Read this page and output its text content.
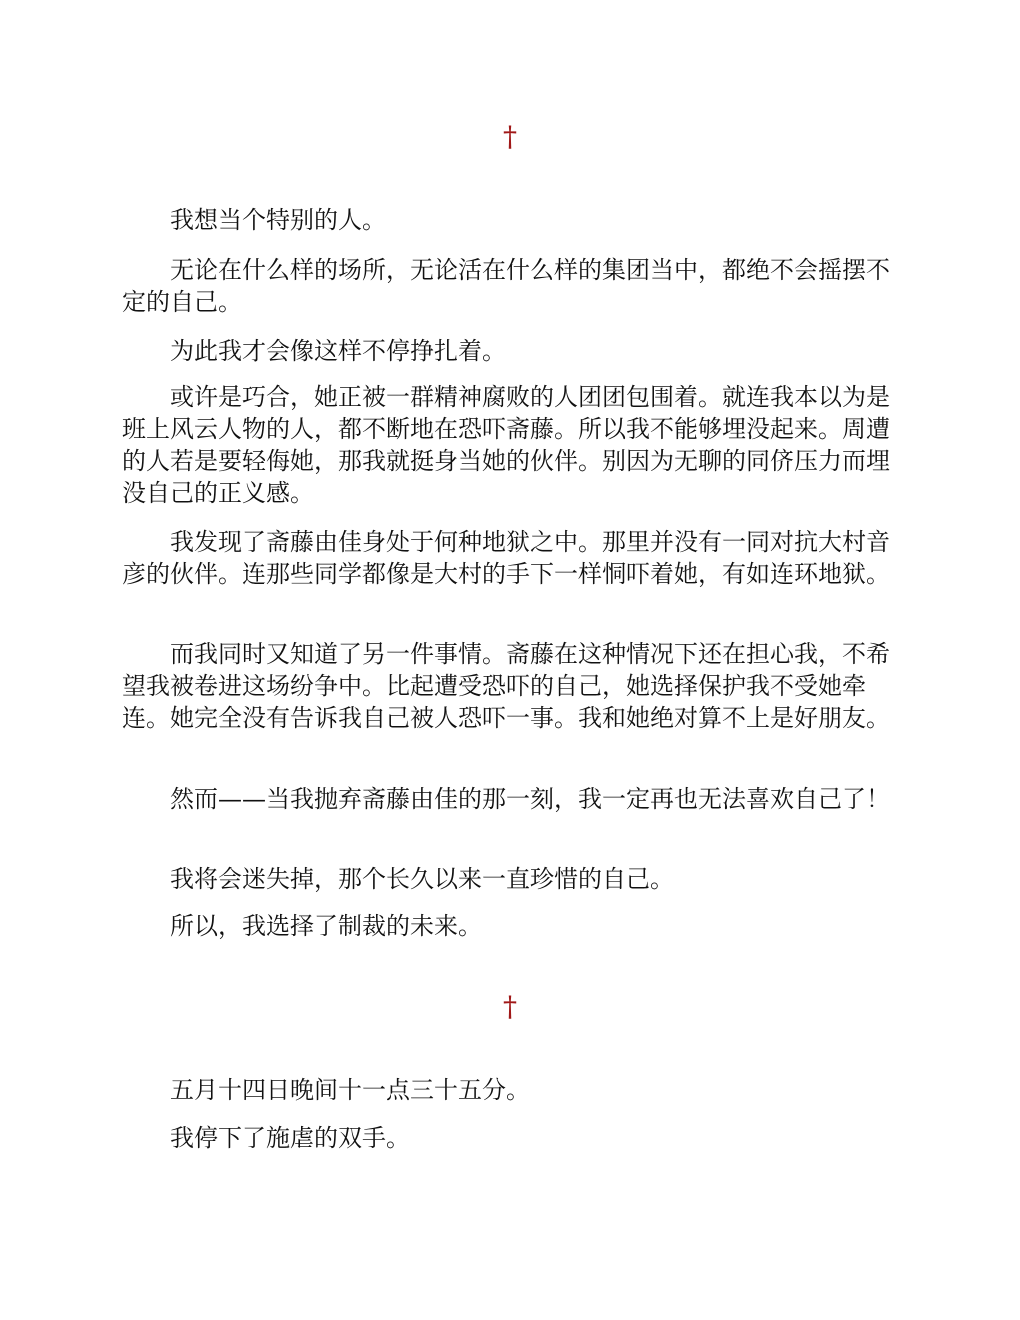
†

我想当个特别的人。

无论在什么样的场所，无论活在什么样的集团当中，都绝不会摇摆不定的自己。

为此我才会像这样不停挣扎着。

或许是巧合，她正被一群精神腐败的人团团包围着。就连我本以为是班上风云人物的人，都不断地在恐吓斋藤。所以我不能够埋没起来。周遭的人若是要轻侮她，那我就挺身当她的伙伴。别因为无聊的同侪压力而埋没自己的正义感。

我发现了斋藤由佳身处于何种地狱之中。那里并没有一同对抗大村音彦的伙伴。连那些同学都像是大村的手下一样恫吓着她，有如连环地狱。

而我同时又知道了另一件事情。斋藤在这种情况下还在担心我，不希望我被卷进这场纷争中。比起遭受恐吓的自己，她选择保护我不受她牵连。她完全没有告诉我自己被人恐吓一事。我和她绝对算不上是好朋友。

然而——当我抛弃斋藤由佳的那一刻，我一定再也无法喜欢自己了！

我将会迷失掉，那个长久以来一直珍惜的自己。

所以，我选择了制裁的未来。

†

五月十四日晚间十一点三十五分。

我停下了施虐的双手。
